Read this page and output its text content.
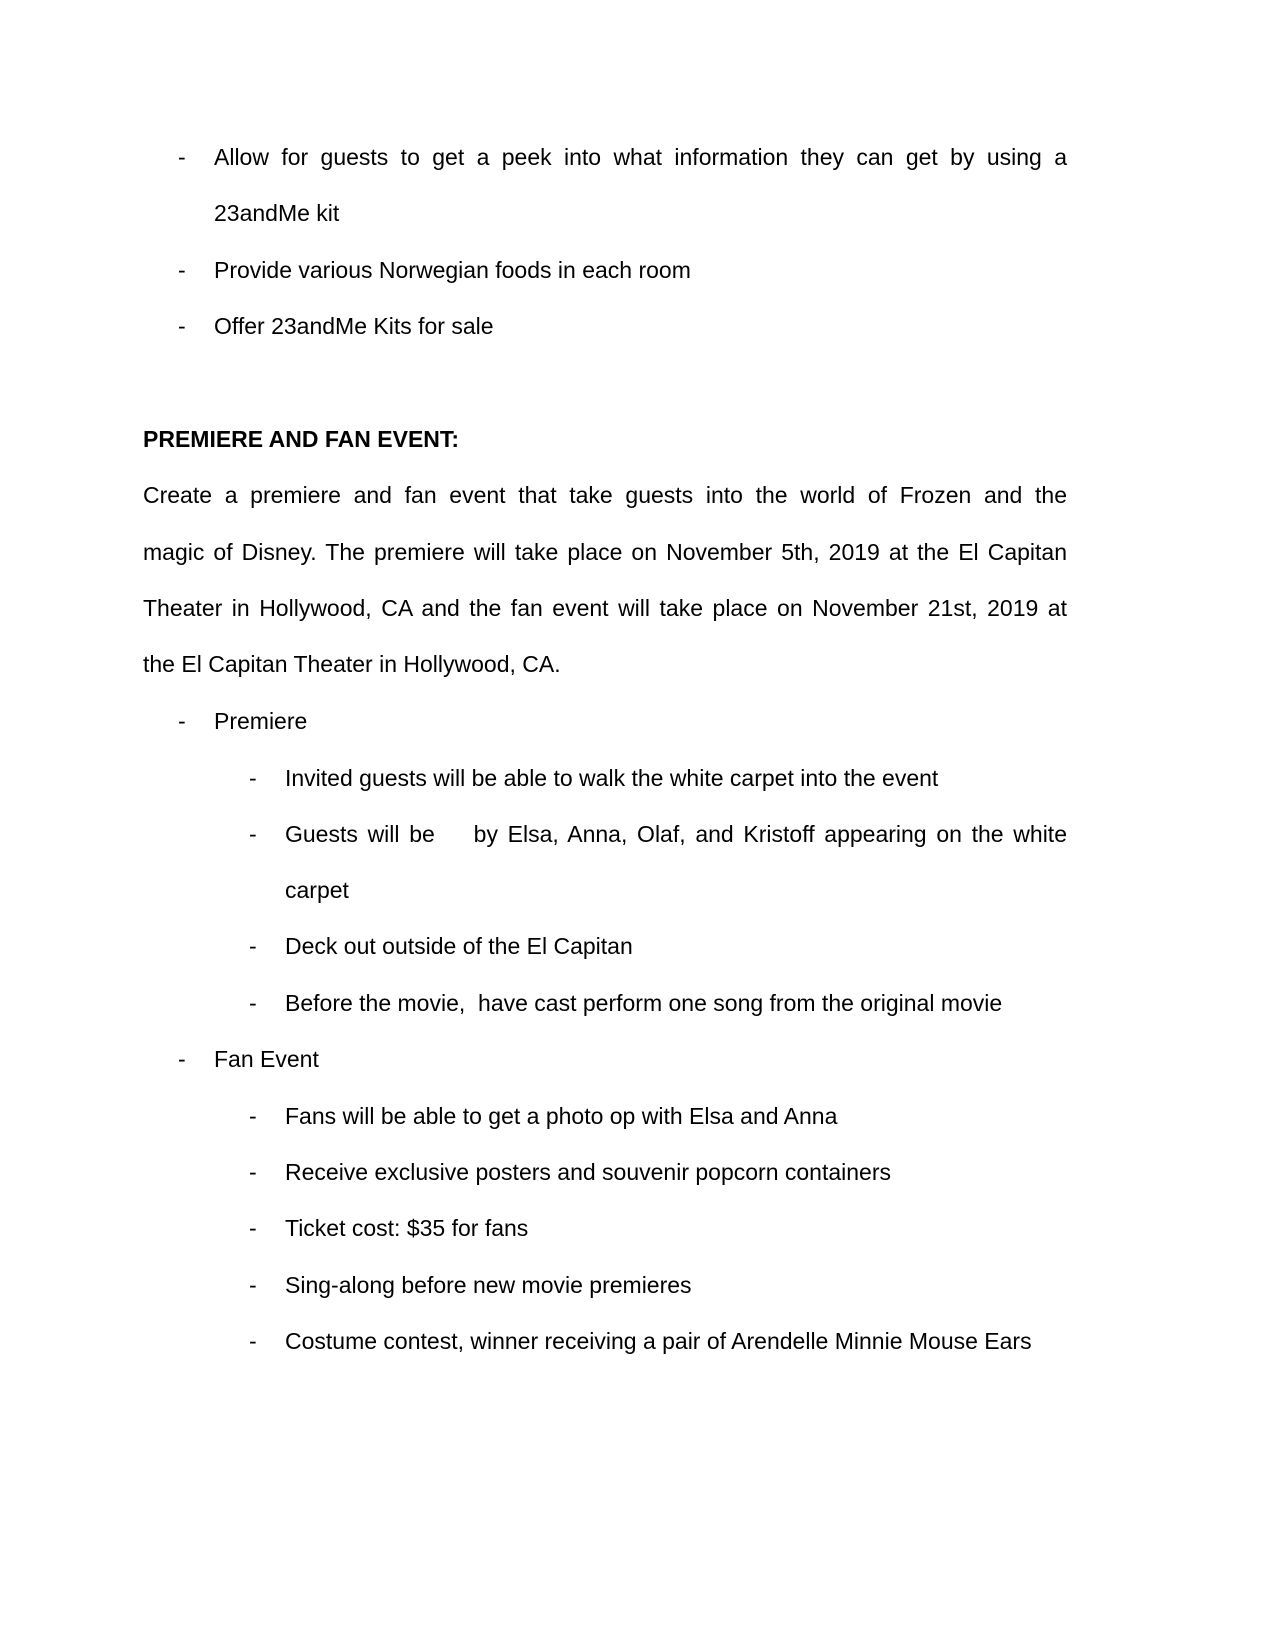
- Allow for guests to get a peek into what information they can get by using a
23andMe kit
- Provide various Norwegian foods in each room
- Offer 23andMe Kits for sale
PREMIERE AND FAN EVENT:
Create a premiere and fan event that take guests into the world of Frozen and the
magic of Disney. The premiere will take place on November 5th, 2019 at the El Capitan
Theater in Hollywood, CA and the fan event will take place on November 21st, 2019 at
the El Capitan Theater in Hollywood, CA.
- Premiere
- Invited guests will be able to walk the white carpet into the event
- Guests will be    by Elsa, Anna, Olaf, and Kristoff appearing on the white
carpet
- Deck out outside of the El Capitan
- Before the movie,  have cast perform one song from the original movie
- Fan Event
- Fans will be able to get a photo op with Elsa and Anna
- Receive exclusive posters and souvenir popcorn containers
- Ticket cost: $35 for fans
- Sing-along before new movie premieres
- Costume contest, winner receiving a pair of Arendelle Minnie Mouse Ears
